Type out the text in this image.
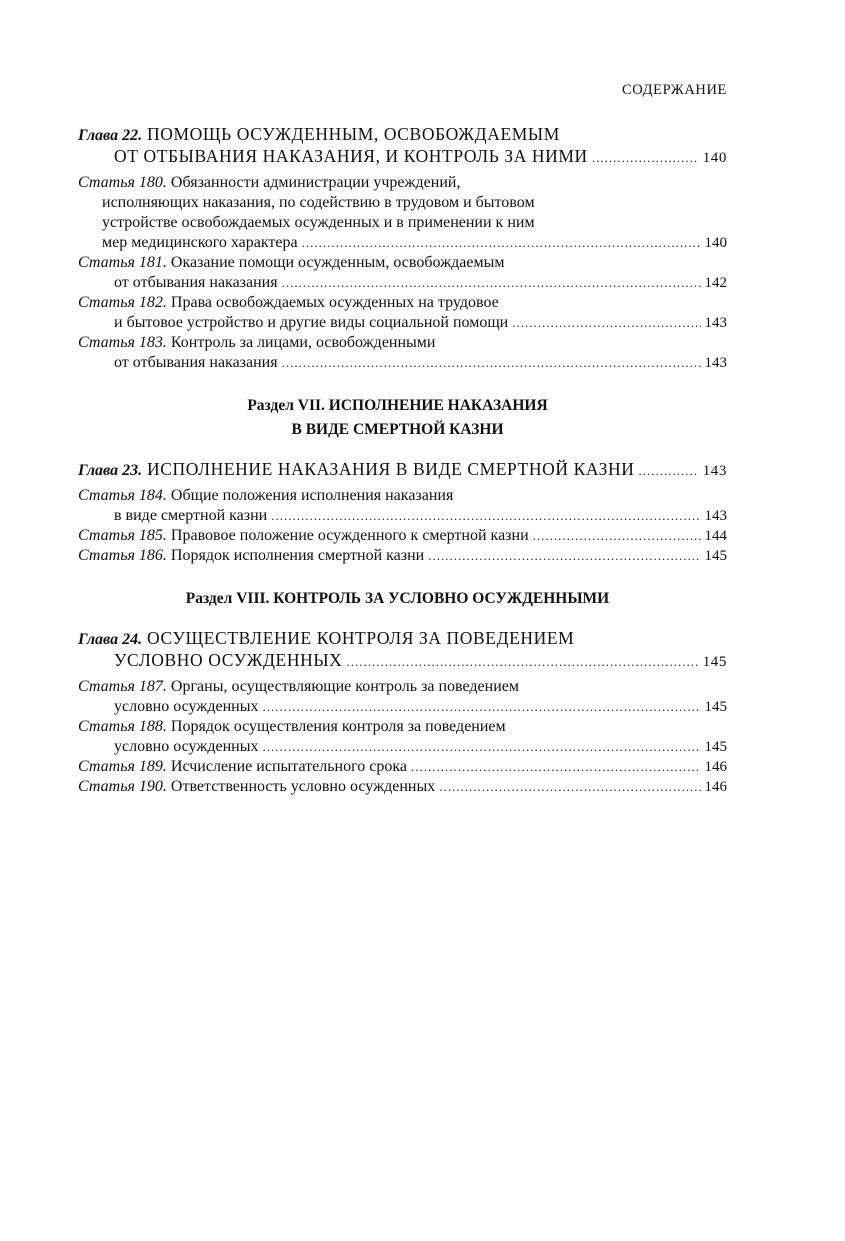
СОДЕРЖАНИЕ
Глава 22. ПОМОЩЬ ОСУЖДЕННЫМ, ОСВОБОЖДАЕМЫМ
ОТ ОТБЫВАНИЯ НАКАЗАНИЯ, И КОНТРОЛЬ ЗА НИМИ .....	140
Статья 180. Обязанности администрации учреждений,
исполняющих наказания, по содействию в трудовом и бытовом
устройстве освобождаемых осужденных и в применении к ним
мер медицинского характера .....	140
Статья 181. Оказание помощи осужденным, освобождаемым
от отбывания наказания .....	142
Статья 182. Права освобождаемых осужденных на трудовое
и бытовое устройство и другие виды социальной помощи .....	143
Статья 183. Контроль за лицами, освобожденными
от отбывания наказания .....	143
Раздел VII. ИСПОЛНЕНИЕ НАКАЗАНИЯ
В ВИДЕ СМЕРТНОЙ КАЗНИ
Глава 23. ИСПОЛНЕНИЕ НАКАЗАНИЯ В ВИДЕ СМЕРТНОЙ КАЗНИ .....	143
Статья 184. Общие положения исполнения наказания
в виде смертной казни .....	143
Статья 185. Правовое положение осужденного к смертной казни .....	144
Статья 186. Порядок исполнения смертной казни .....	145
Раздел VIII. КОНТРОЛЬ ЗА УСЛОВНО ОСУЖДЕННЫМИ
Глава 24. ОСУЩЕСТВЛЕНИЕ КОНТРОЛЯ ЗА ПОВЕДЕНИЕМ
УСЛОВНО ОСУЖДЕННЫХ .....	145
Статья 187. Органы, осуществляющие контроль за поведением
условно осужденных .....	145
Статья 188. Порядок осуществления контроля за поведением
условно осужденных .....	145
Статья 189. Исчисление испытательного срока .....	146
Статья 190. Ответственность условно осужденных .....	146
